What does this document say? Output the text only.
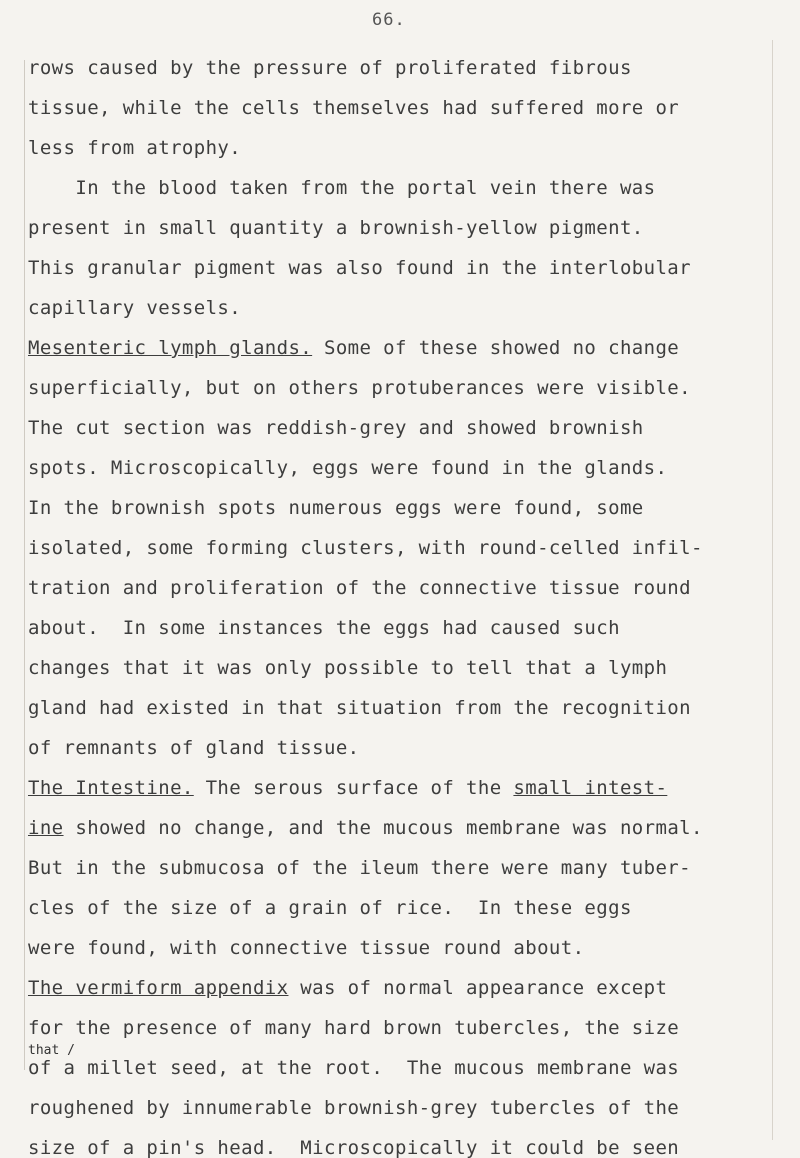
66.
rows caused by the pressure of proliferated fibrous
tissue, while the cells themselves had suffered more or
less from atrophy.
In the blood taken from the portal vein there was
present in small quantity a brownish-yellow pigment.
This granular pigment was also found in the interlobular
capillary vessels.
Mesenteric lymph glands. Some of these showed no change
superficially, but on others protuberances were visible.
The cut section was reddish-grey and showed brownish
spots. Microscopically, eggs were found in the glands.
In the brownish spots numerous eggs were found, some
isolated, some forming clusters, with round-celled infil-
tration and proliferation of the connective tissue round
about.  In some instances the eggs had caused such
changes that it was only possible to tell that a lymph
gland had existed in that situation from the recognition
of remnants of gland tissue.
The Intestine. The serous surface of the small intest-
ine showed no change, and the mucous membrane was normal.
But in the submucosa of the ileum there were many tuber-
cles of the size of a grain of rice.  In these eggs
were found, with connective tissue round about.
The vermiform appendix was of normal appearance except
for the presence of many hard brown tubercles, the size
of a millet seed, at the root.  The mucous membrane was
roughened by innumerable brownish-grey tubercles of the
size of a pin's head.  Microscopically it could be seen
that /
